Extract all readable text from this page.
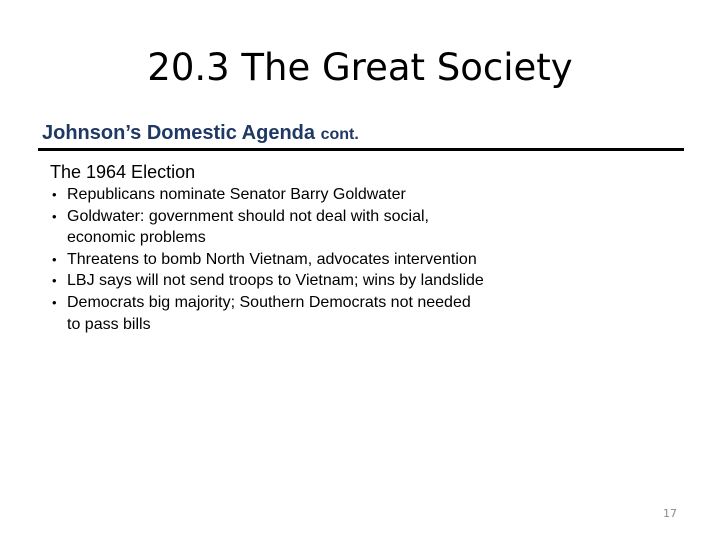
20.3 The Great Society
Johnson’s Domestic Agenda cont.
The 1964 Election
• Republicans nominate Senator Barry Goldwater
• Goldwater: government should not deal with social, economic problems
• Threatens to bomb North Vietnam, advocates intervention
• LBJ says will not send troops to Vietnam; wins by landslide
• Democrats big majority; Southern Democrats not needed to pass bills
17
